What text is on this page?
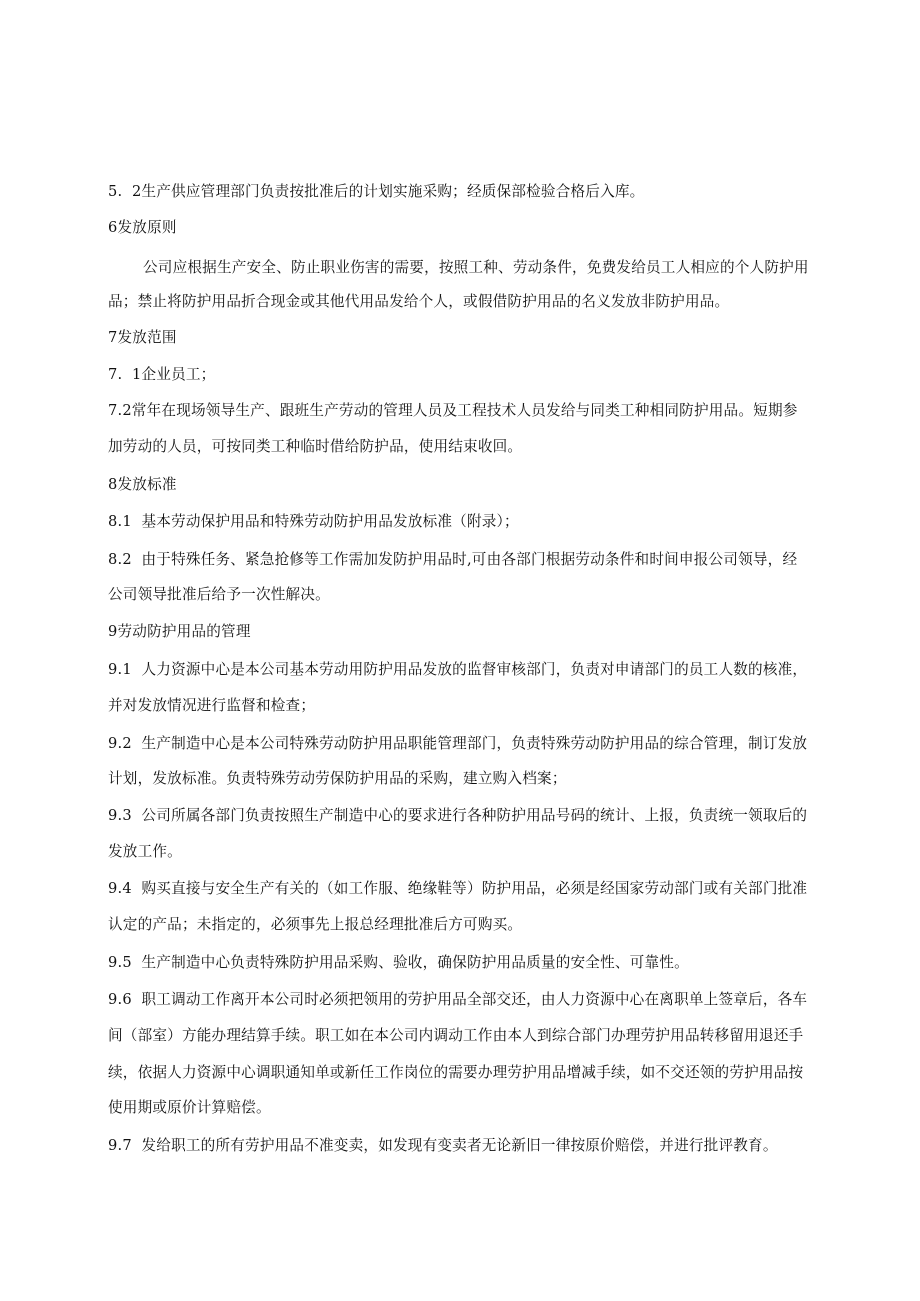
5.  2生产供应管理部门负责按批准后的计划实施采购；经质保部检验合格后入库。
6发放原则
公司应根据生产安全、防止职业伤害的需要，按照工种、劳动条件，免费发给员工人相应的个人防护用
品；禁止将防护用品折合现金或其他代用品发给个人，或假借防护用品的名义发放非防护用品。
7发放范围
7.  1企业员工；
7.2常年在现场领导生产、跟班生产劳动的管理人员及工程技术人员发给与同类工种相同防护用品。短期参
加劳动的人员，可按同类工种临时借给防护品，使用结束收回。
8发放标准
8.1  基本劳动保护用品和特殊劳动防护用品发放标准（附录）；
8.2  由于特殊任务、紧急抢修等工作需加发防护用品时,可由各部门根据劳动条件和时间申报公司领导，经
公司领导批准后给予一次性解决。
9劳动防护用品的管理
9.1  人力资源中心是本公司基本劳动用防护用品发放的监督审核部门，负责对申请部门的员工人数的核准，
并对发放情况进行监督和检查；
9.2  生产制造中心是本公司特殊劳动防护用品职能管理部门，负责特殊劳动防护用品的综合管理，制订发放
计划，发放标准。负责特殊劳动劳保防护用品的采购，建立购入档案；
9.3  公司所属各部门负责按照生产制造中心的要求进行各种防护用品号码的统计、上报，负责统一领取后的
发放工作。
9.4  购买直接与安全生产有关的（如工作服、绝缘鞋等）防护用品，必须是经国家劳动部门或有关部门批准
认定的产品；未指定的，必须事先上报总经理批准后方可购买。
9.5  生产制造中心负责特殊防护用品采购、验收，确保防护用品质量的安全性、可靠性。
9.6  职工调动工作离开本公司时必须把领用的劳护用品全部交还，由人力资源中心在离职单上签章后，各车
间（部室）方能办理结算手续。职工如在本公司内调动工作由本人到综合部门办理劳护用品转移留用退还手
续，依据人力资源中心调职通知单或新任工作岗位的需要办理劳护用品增减手续，如不交还领的劳护用品按
使用期或原价计算赔偿。
9.7  发给职工的所有劳护用品不准变卖，如发现有变卖者无论新旧一律按原价赔偿，并进行批评教育。
